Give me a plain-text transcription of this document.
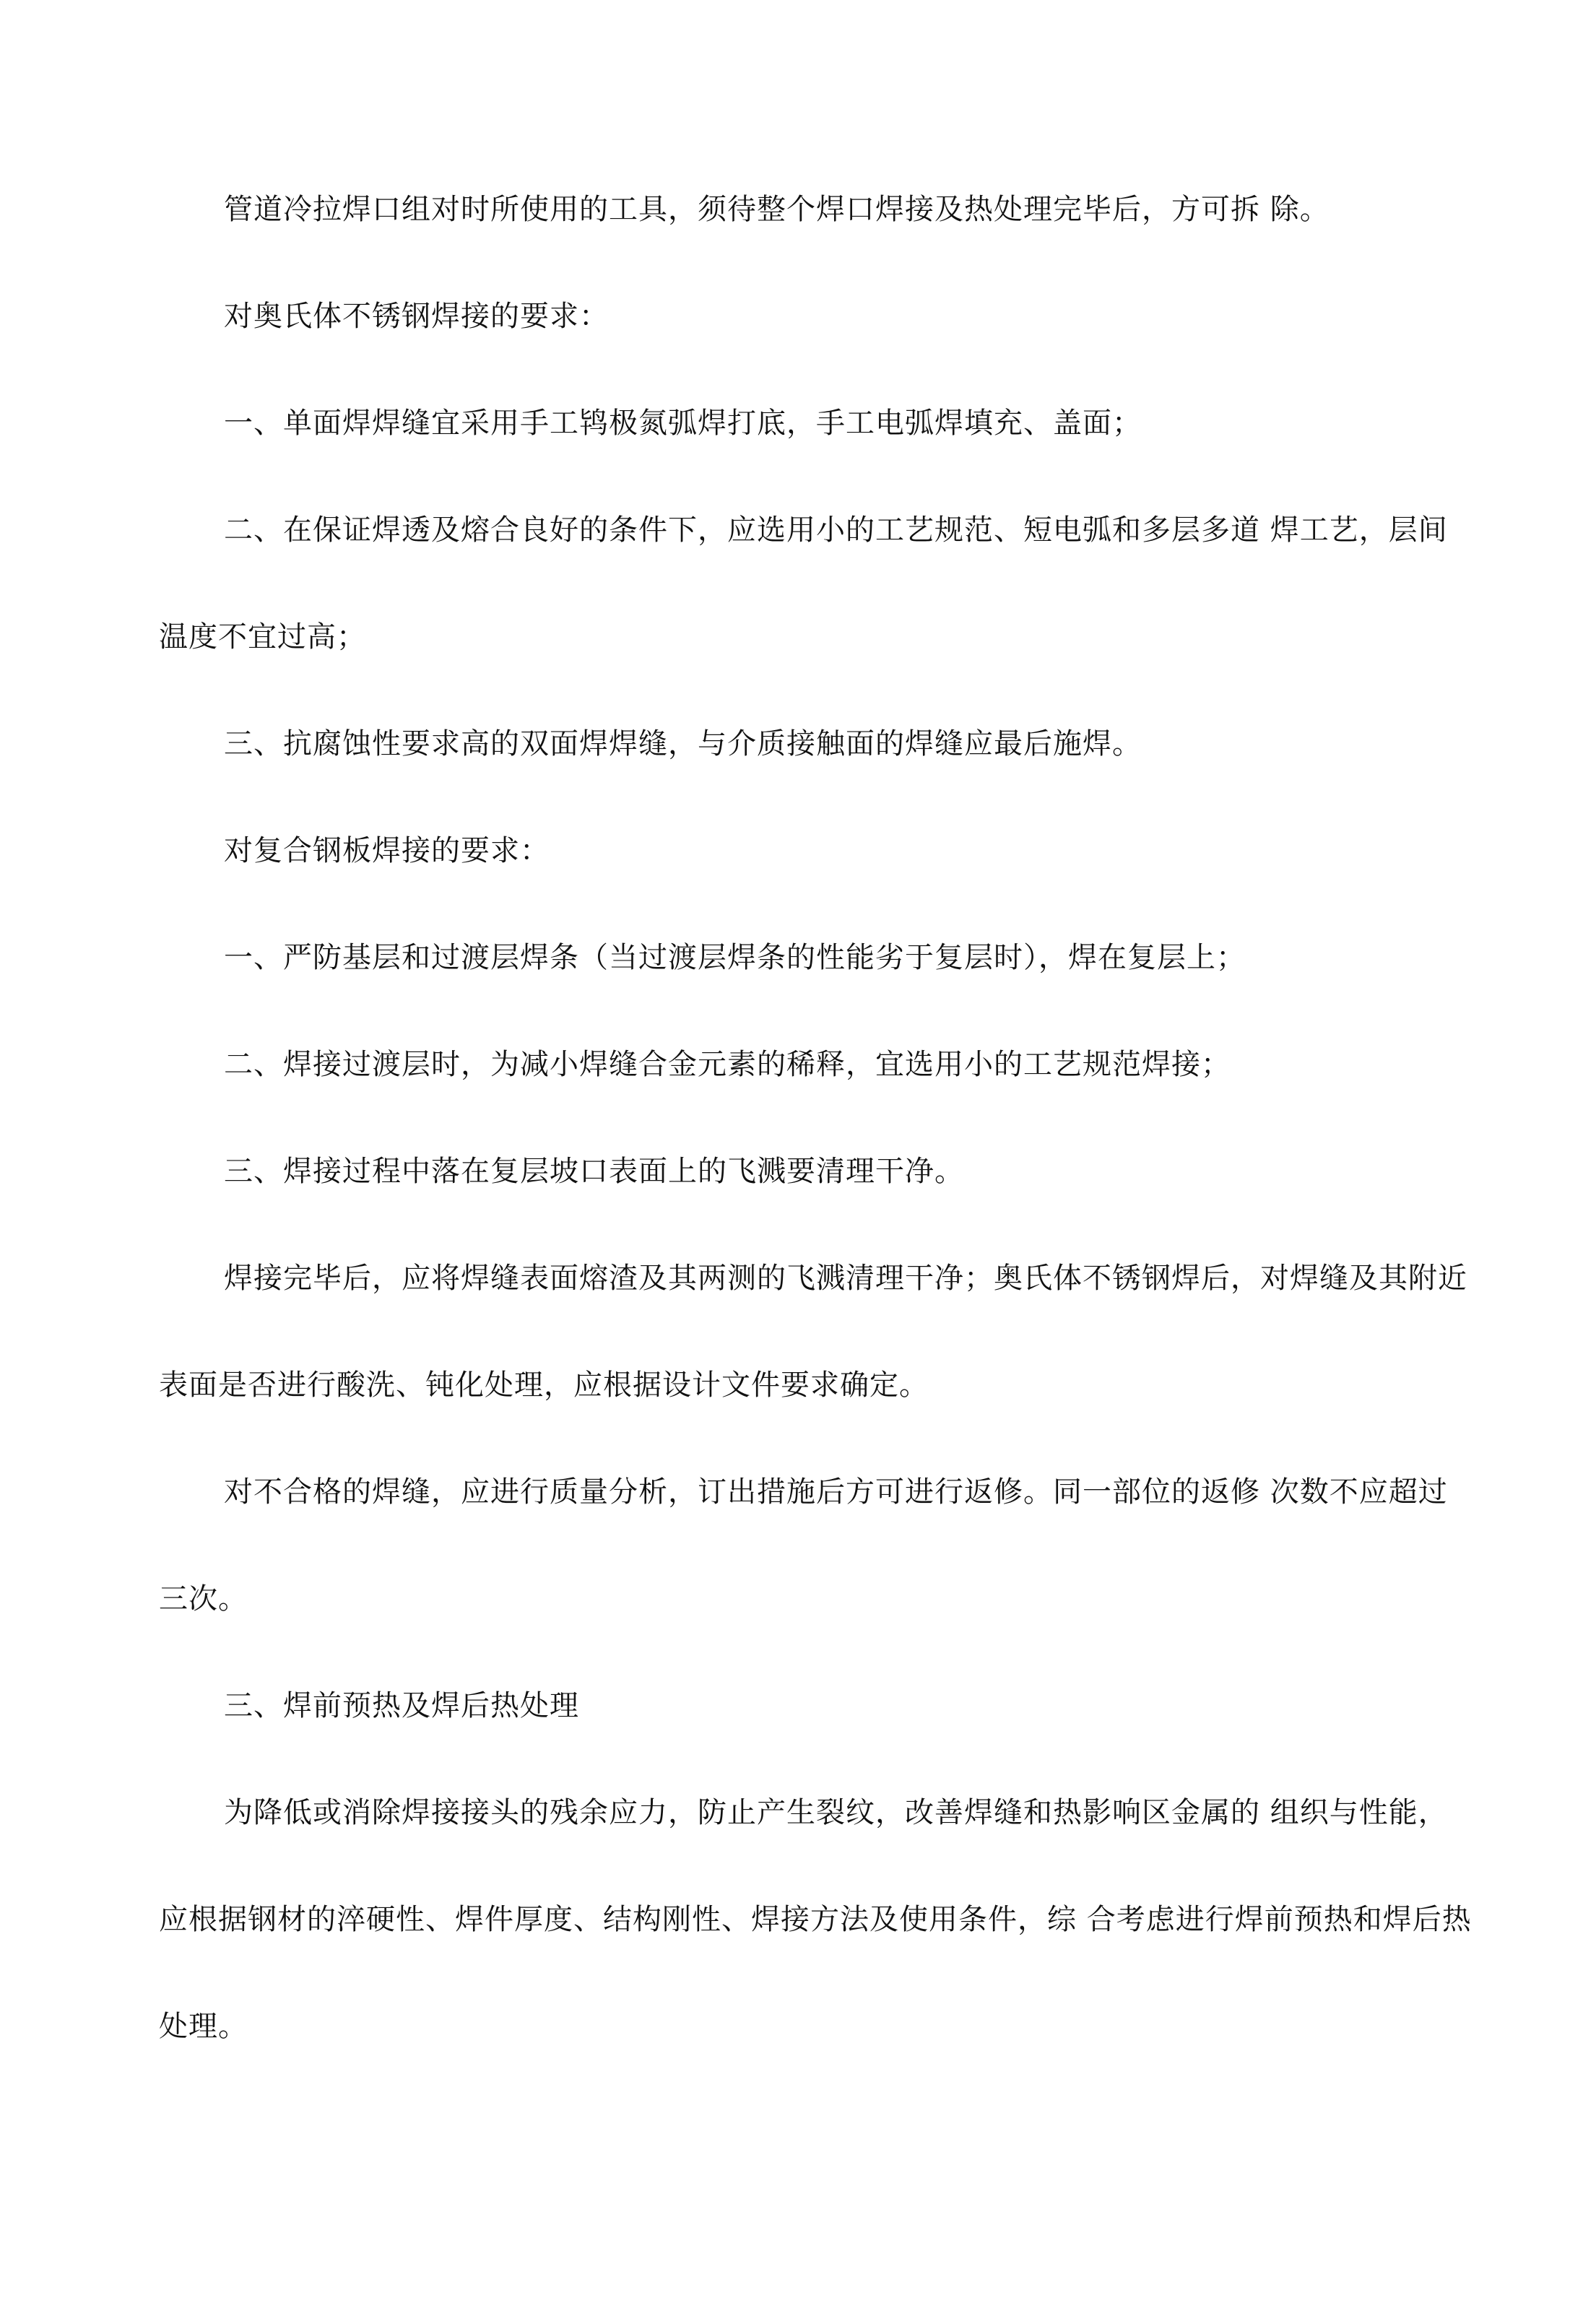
管道冷拉焊口组对时所使用的工具，须待整个焊口焊接及热处理完毕后，方可拆 除。

对奥氏体不锈钢焊接的要求：

一、单面焊焊缝宜采用手工鸨极氮弧焊打底，手工电弧焊填充、盖面；

二、在保证焊透及熔合良好的条件下，应选用小的工艺规范、短电弧和多层多道 焊工艺，层间温度不宜过高；

三、抗腐蚀性要求高的双面焊焊缝，与介质接触面的焊缝应最后施焊。

对复合钢板焊接的要求：

一、严防基层和过渡层焊条（当过渡层焊条的性能劣于复层时），焊在复层上；

二、焊接过渡层时，为减小焊缝合金元素的稀释，宜选用小的工艺规范焊接；

三、焊接过程中落在复层坡口表面上的飞溅要清理干净。

焊接完毕后，应将焊缝表面熔渣及其两测的飞溅清理干净；奥氏体不锈钢焊后，对焊缝及其附近表面是否进行酸洗、钝化处理，应根据设计文件要求确定。

对不合格的焊缝，应进行质量分析，订出措施后方可进行返修。同一部位的返修 次数不应超过三次。

三、焊前预热及焊后热处理

为降低或消除焊接接头的残余应力，防止产生裂纹，改善焊缝和热影响区金属的 组织与性能，应根据钢材的淬硬性、焊件厚度、结构刚性、焊接方法及使用条件，综 合考虑进行焊前预热和焊后热处理。
